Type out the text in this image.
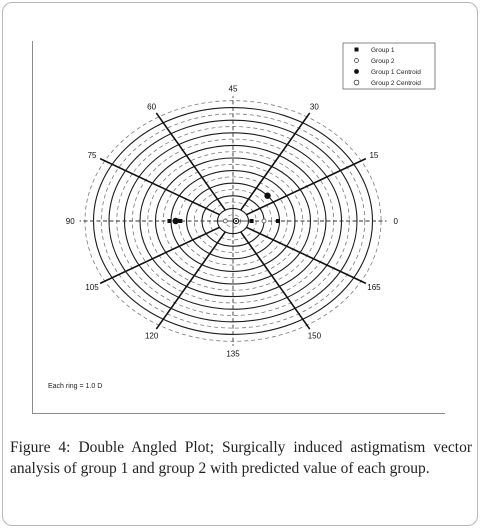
0
15
30
45
60
75
90
105
120
135
150
165
Group 1
Group 2
Group 1 Centroid
Group 2 Centroid
Each ring = 1.0 D
Figure 4: Double Angled Plot; Surgically induced astigmatism vector analysis of group 1 and group 2 with predicted value of each group.
